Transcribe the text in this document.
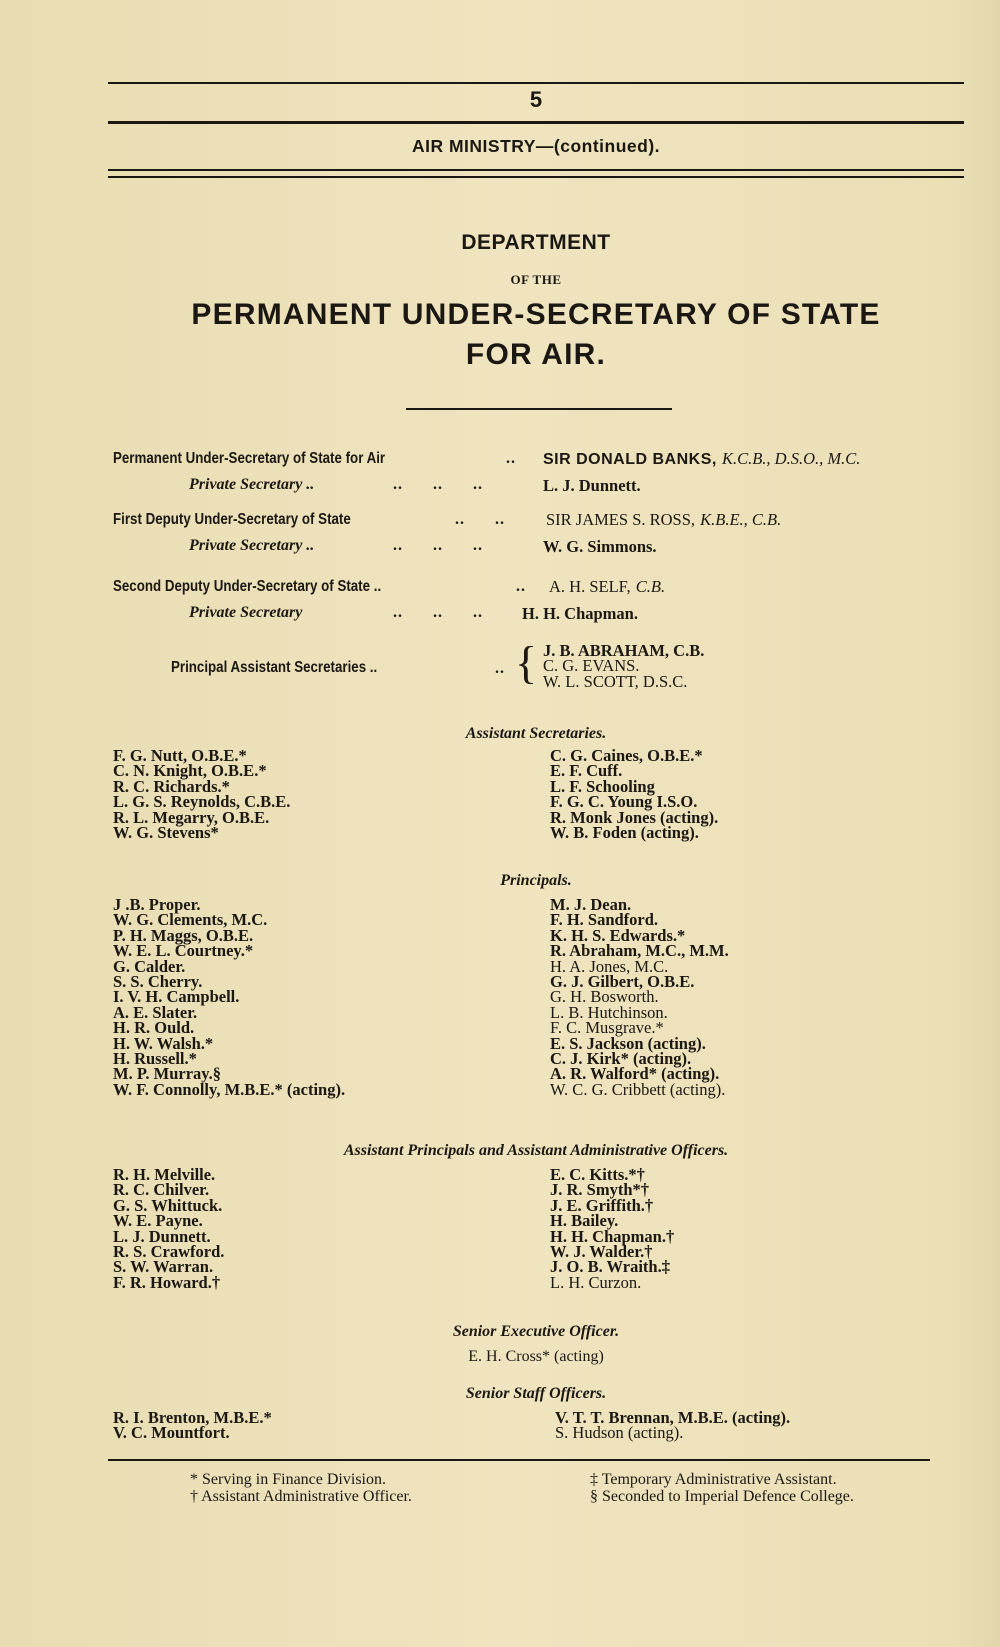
5
AIR MINISTRY—(continued).
DEPARTMENT
OF THE
PERMANENT UNDER-SECRETARY OF STATE
FOR AIR.
Permanent Under-Secretary of State for Air	.. SIR DONALD BANKS, K.C.B., D.S.O., M.C.
Private Secretary ..	..      ..      ..	L. J. Dunnett.
First Deputy Under-Secretary of State	..      .. SIR JAMES S. ROSS, K.B.E., C.B.
Private Secretary ..	..      ..      ..	W. G. Simmons.
Second Deputy Under-Secretary of State ..	.. A. H. SELF, C.B.
Private Secretary	..      ..      .. H. H. Chapman.
Principal Assistant Secretaries ..	.. { J. B. ABRAHAM, C.B.
C. G. EVANS.
W. L. SCOTT, D.S.C.
Assistant Secretaries.
F. G. Nutt, O.B.E.*
C. N. Knight, O.B.E.*
R. C. Richards.*
L. G. S. Reynolds, C.B.E.
R. L. Megarry, O.B.E.
W. G. Stevens*
C. G. Caines, O.B.E.*
E. F. Cuff.
L. F. Schooling
F. G. C. Young I.S.O.
R. Monk Jones (acting).
W. B. Foden (acting).
Principals.
J .B. Proper.
W. G. Clements, M.C.
P. H. Maggs, O.B.E.
W. E. L. Courtney.*
G. Calder.
S. S. Cherry.
I. V. H. Campbell.
A. E. Slater.
H. R. Ould.
H. W. Walsh.*
H. Russell.*
M. P. Murray.§
W. F. Connolly, M.B.E.* (acting).
M. J. Dean.
F. H. Sandford.
K. H. S. Edwards.*
R. Abraham, M.C., M.M.
H. A. Jones, M.C.
G. J. Gilbert, O.B.E.
G. H. Bosworth.
L. B. Hutchinson.
F. C. Musgrave.*
E. S. Jackson (acting).
C. J. Kirk* (acting).
A. R. Walford* (acting).
W. C. G. Cribbett (acting).
Assistant Principals and Assistant Administrative Officers.
R. H. Melville.
R. C. Chilver.
G. S. Whittuck.
W. E. Payne.
L. J. Dunnett.
R. S. Crawford.
S. W. Warran.
F. R. Howard.†
E. C. Kitts.*†
J. R. Smyth*†
J. E. Griffith.†
H. Bailey.
H. H. Chapman.†
W. J. Walder.†
J. O. B. Wraith.‡
L. H. Curzon.
Senior Executive Officer.
E. H. Cross* (acting)
Senior Staff Officers.
R. I. Brenton, M.B.E.*
V. C. Mountfort.
V. T. T. Brennan, M.B.E. (acting).
S. Hudson (acting).
* Serving in Finance Division.
† Assistant Administrative Officer.
‡ Temporary Administrative Assistant.
§ Seconded to Imperial Defence College.
